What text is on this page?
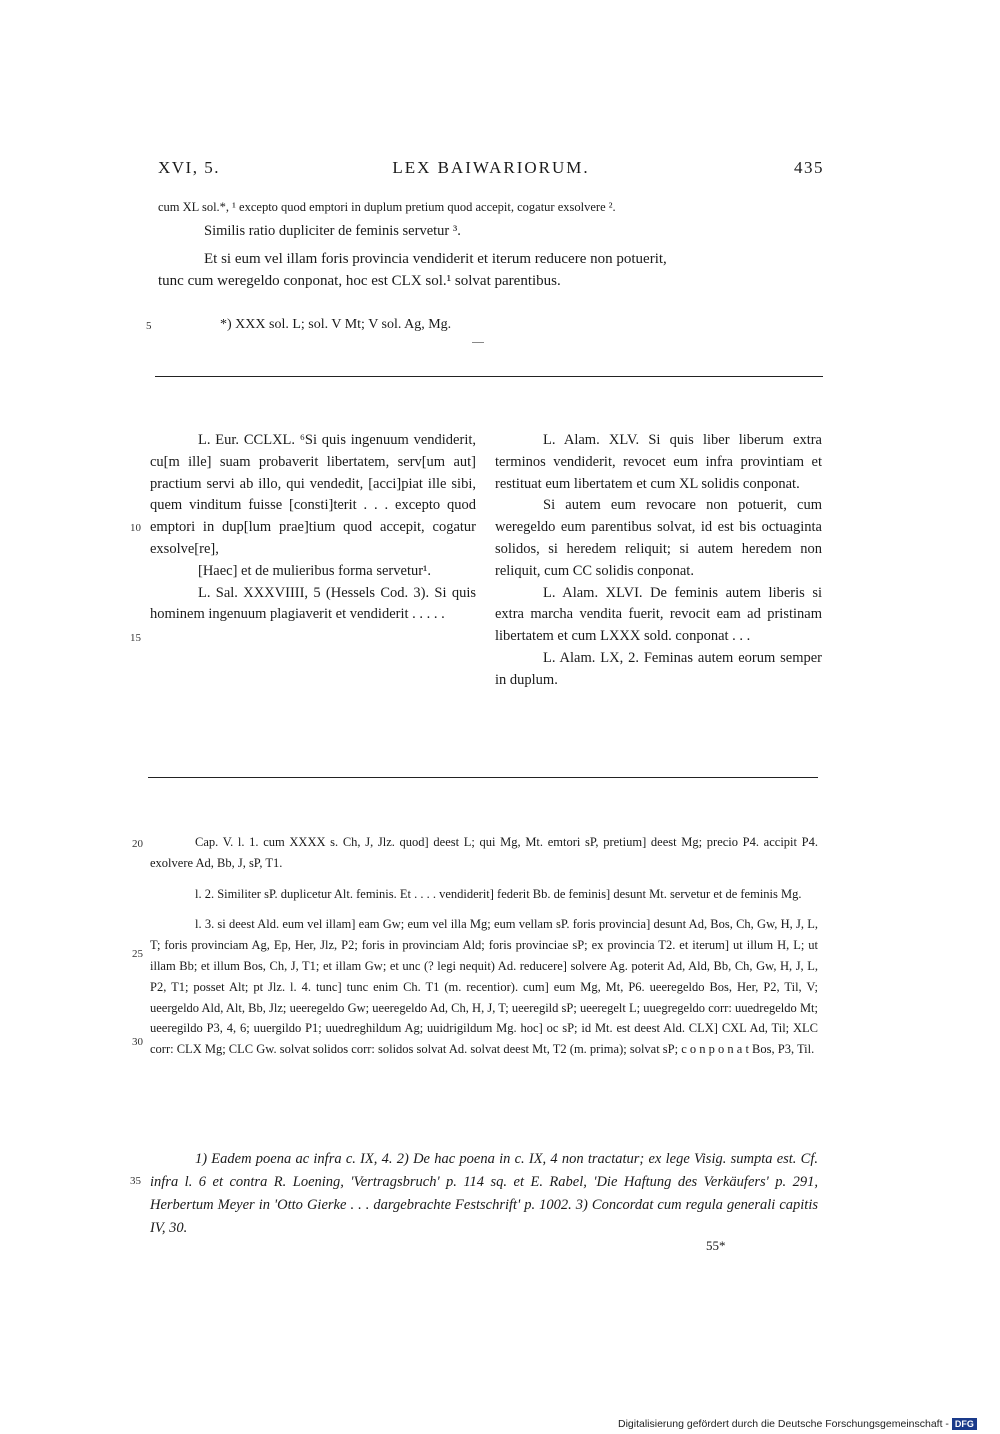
XVI, 5.	LEX BAIWARIORUM.	435
cum XL sol.*, ¹ excepto quod emptori in duplum pretium quod accepit, cogatur exsolvere ².
Similis ratio dupliciter de feminis servetur ³.
Et si eum vel illam foris provincia vendiderit et iterum reducere non potuerit,
tunc cum weregeldo conponat, hoc est CLX sol.¹ solvat parentibus.
5	*) XXX sol. L; sol. V Mt; V sol. Ag, Mg.

L. Eur. CCLXL. ⁶Si quis ingenuum vendiderit, cu[m ille] suam probaverit libertatem, serv[um aut] practium servi ab illo, qui vendedit, [acci]piat ille sibi, quem vinditum fuisse [consti]terit . . . excepto quod emptori in dup[lum prae]tium quod accepit, cogatur exsolve[re],

[Haec] et de mulieribus forma servetur¹.

L. Sal. XXXVIIII, 5 (Hessels Cod. 3). Si quis hominem ingenuum plagiaverit et vendiderit . . . . .

10
15

L. Alam. XLV. Si quis liber liberum extra terminos vendiderit, revocet eum infra provintiam et restituat eum libertatem et cum XL solidis conponat.

Si autem eum revocare non potuerit, cum weregeldo eum parentibus solvat, id est bis octuaginta solidos, si heredem reliquit; si autem heredem non reliquit, cum CC solidis conponat.

L. Alam. XLVI. De feminis autem liberis si extra marcha vendita fuerit, revocit eam ad pristinam libertatem et cum LXXX sold. conponat . . .

L. Alam. LX, 2. Feminas autem eorum semper in duplum.

20
25
30

Cap. V. l. 1. cum XXXX s. Ch, J, Jlz. quod] deest L; qui Mg, Mt. emtori sP, pretium] deest Mg; precio P4. accipit P4. exolvere Ad, Bb, J, sP, T1.

l. 2. Similiter sP. duplicetur Alt. feminis. Et . . . . vendiderit] federit Bb. de feminis] desunt Mt. servetur et de feminis Mg.

l. 3. si deest Ald. eum vel illam] eam Gw; eum vel illa Mg; eum vellam sP. foris provincia] desunt Ad, Bos, Ch, Gw, H, J, L, T; foris provinciam Ag, Ep, Her, Jlz, P2; foris in provinciam Ald; foris provinciae sP; ex provincia T2. et iterum] ut illum H, L; ut illam Bb; et illum Bos, Ch, J, T1; et illam Gw; et unc (? legi nequit) Ad. reducere] solvere Ag. poterit Ad, Ald, Bb, Ch, Gw, H, J, L, P2, T1; posset Alt; pt Jlz. l. 4. tunc] tunc enim Ch. T1 (m. recentior). cum] eum Mg, Mt, P6. ueeregeldo Bos, Her, P2, Til, V; ueergeldo Ald, Alt, Bb, Jlz; ueeregeldo Gw; ueeregeldo Ad, Ch, H, J, T; ueeregild sP; ueeregelt L; uuegregeldo corr: uuedregeldo Mt; ueeregildo P3, 4, 6; uuergildo P1; uuedreghildum Ag; uuidrigildum Mg. hoc] oc sP; id Mt. est deest Ald. CLX] CXL Ad, Til; XLC corr: CLX Mg; CLC Gw. solvat solidos corr: solidos solvat Ad. solvat deest Mt, T2 (m. prima); solvat sP; c o n p o n a t Bos, P3, Til.

35
1) Eadem poena ac infra c. IX, 4. 2) De hac poena in c. IX, 4 non tractatur; ex lege Visig. sumpta est. Cf. infra l. 6 et contra R. Loening, 'Vertragsbruch' p. 114 sq. et E. Rabel, 'Die Haftung des Verkäufers' p. 291, Herbertum Meyer in 'Otto Gierke . . . dargebrachte Festschrift' p. 1002. 3) Concordat cum regula generali capitis IV, 30.
55*
Digitalisierung gefördert durch die Deutsche Forschungsgemeinschaft - DFG
